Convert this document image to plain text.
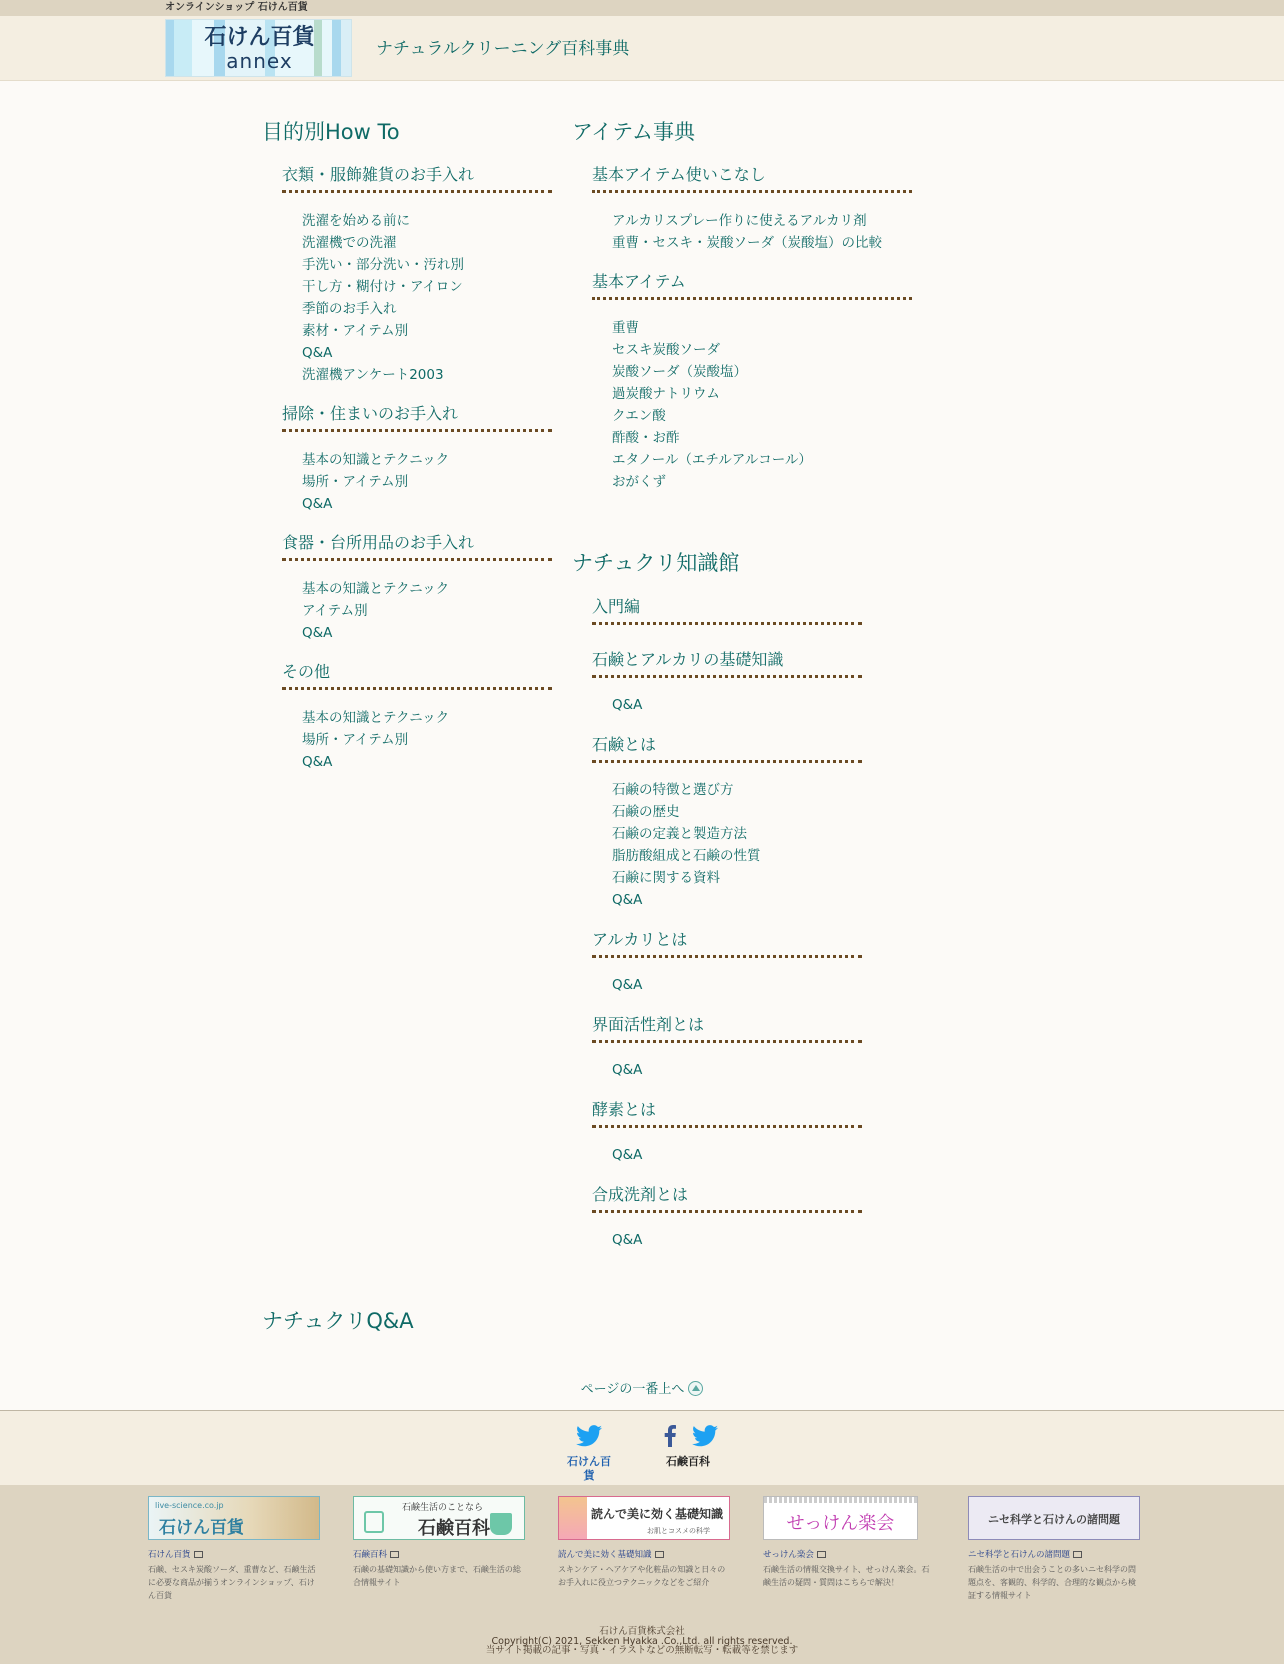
オンラインショップ 石けん百貨
石けん百貨
annex	ナチュラルクリーニング百科事典
目的別How To
衣類・服飾雑貨のお手入れ
洗濯を始める前に
洗濯機での洗濯
手洗い・部分洗い・汚れ別
干し方・糊付け・アイロン
季節のお手入れ
素材・アイテム別
Q&A
洗濯機アンケート2003
掃除・住まいのお手入れ
基本の知識とテクニック
場所・アイテム別
Q&A
食器・台所用品のお手入れ
基本の知識とテクニック
アイテム別
Q&A
その他
基本の知識とテクニック
場所・アイテム別
Q&A
アイテム事典
基本アイテム使いこなし
アルカリスプレー作りに使えるアルカリ剤
重曹・セスキ・炭酸ソーダ（炭酸塩）の比較
基本アイテム
重曹
セスキ炭酸ソーダ
炭酸ソーダ（炭酸塩）
過炭酸ナトリウム
クエン酸
酢酸・お酢
エタノール（エチルアルコール）
おがくず
ナチュクリ知識館
入門編
石鹸とアルカリの基礎知識
Q&A
石鹸とは
石鹸の特徴と選び方
石鹸の歴史
石鹸の定義と製造方法
脂肪酸組成と石鹸の性質
石鹸に関する資料
Q&A
アルカリとは
Q&A
界面活性剤とは
Q&A
酵素とは
Q&A
合成洗剤とは
Q&A
ナチュクリQ&A
ページの一番上へ
石けん百貨

石鹸百科
live-science.co.jp
石けん百貨
石けん百貨
石鹸、セスキ炭酸ソーダ、重曹など、石鹸生活に必要な商品が揃うオンラインショップ、石けん百貨
石鹸生活のことなら
石鹸百科
石鹸百科
石鹸の基礎知識から使い方まで、石鹸生活の総合情報サイト
読んで美に効く基礎知識
お肌とコスメの科学
読んで美に効く基礎知識
スキンケア・ヘアケアや化粧品の知識と日々のお手入れに役立つテクニックなどをご紹介
せっけん楽会
せっけん楽会
石鹸生活の情報交換サイト、せっけん楽会。石鹸生活の疑問・質問はこちらで解決！
ニセ科学と石けんの諸問題
ニセ科学と石けんの諸問題
石鹸生活の中で出会うことの多いニセ科学の問題点を、客観的、科学的、合理的な観点から検証する情報サイト
石けん百貨株式会社
Copyright(C) 2021, Sekken Hyakka .Co.,Ltd. all rights reserved.
当サイト掲載の記事・写真・イラストなどの無断転写・転載等を禁じます
